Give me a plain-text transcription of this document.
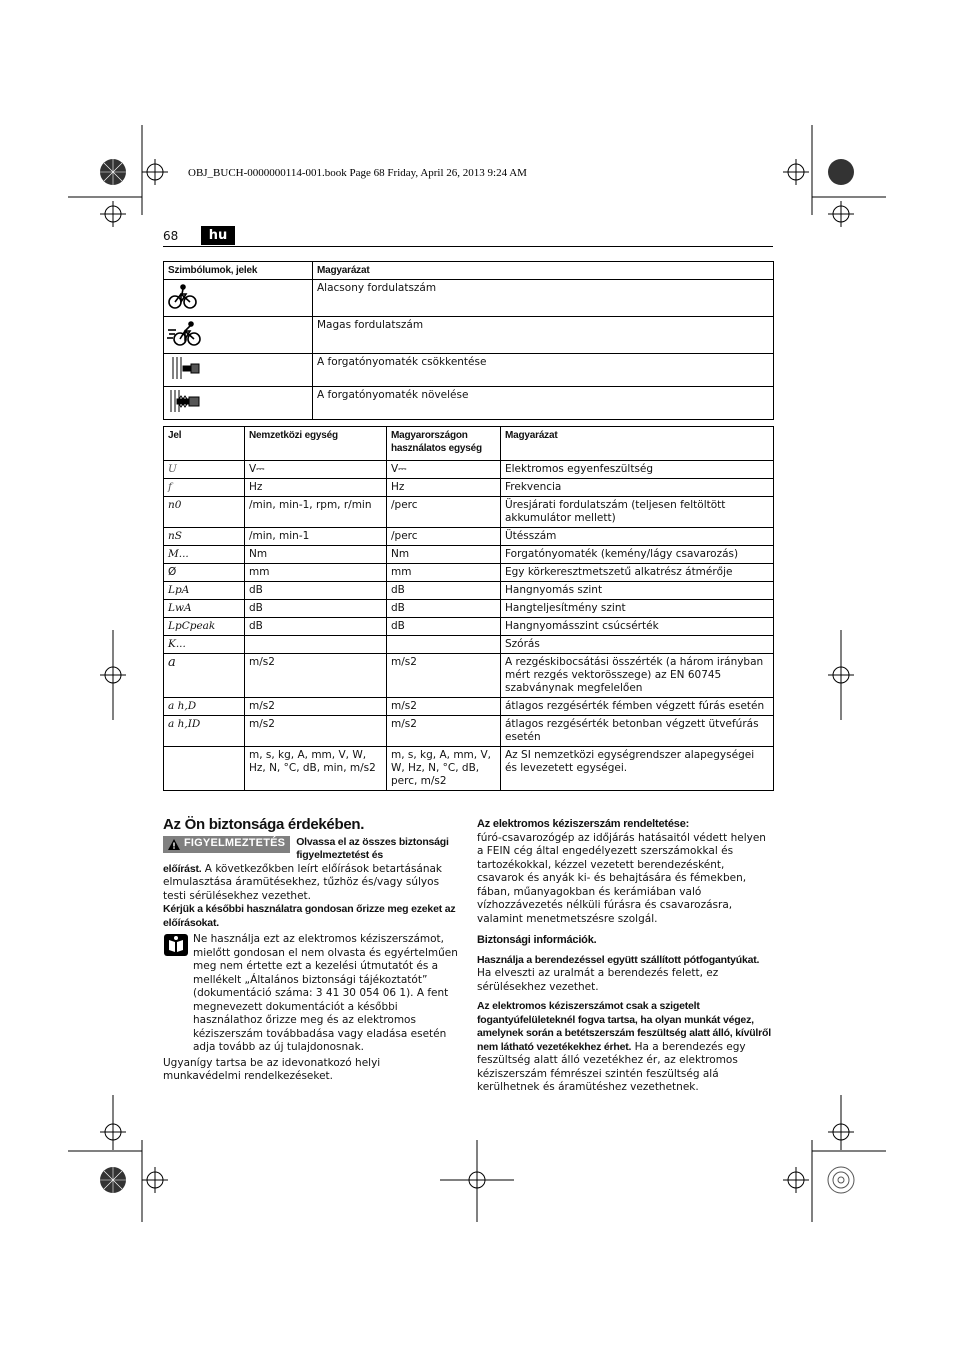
OBJ_BUCH-0000000114-001.book Page 68 Friday, April 26, 2013 9:24 AM
68	hu
Szimbólumok, jelek	Magyarázat
	Alacsony fordulatszám
	Magas fordulatszám
	A forgatónyomaték csökkentése
	A forgatónyomaték növelése
Jel	Nemzetközi egység	Magyarországon használatos egység	Magyarázat
U	V⎓	V⎓	Elektromos egyenfeszültség
f	Hz	Hz	Frekvencia
n0	/min, min-1, rpm, r/min	/perc	Üresjárati fordulatszám (teljesen feltöltött akkumulátor mellett)
nS	/min, min-1	/perc	Ütésszám
M...	Nm	Nm	Forgatónyomaték (kemény/lágy csavarozás)
Ø	mm	mm	Egy körkeresztmetszetű alkatrész átmérője
LpA	dB	dB	Hangnyomás szint
LwA	dB	dB	Hangteljesítmény szint
LpCpeak	dB	dB	Hangnyomásszint csúcsérték
K...			Szórás
a	m/s2	m/s2	A rezgéskibocsátási összérték (a három irányban mért rezgés vektorösszege) az EN 60745 szabványnak megfelelően
a h,D	m/s2	m/s2	átlagos rezgésérték fémben végzett fúrás esetén
a h,ID	m/s2	m/s2	átlagos rezgésérték betonban végzett ütvefúrás esetén
	m, s, kg, A, mm, V, W, Hz, N, °C, dB, min, m/s2	m, s, kg, A, mm, V, W, Hz, N, °C, dB, perc, m/s2	Az SI nemzetközi egységrendszer alapegységei és levezetett egységei.
Az Ön biztonsága érdekében.
FIGYELMEZTETÉS Olvassa el az összes biztonsági figyelmeztetést és

előírást. A következőkben leírt előírások betartásának elmulasztása áramütésekhez, tűzhöz és/vagy súlyos testi sérülésekhez vezethet.

Kérjük a későbbi használatra gondosan őrizze meg ezeket az előírásokat.

Ne használja ezt az elektromos kéziszerszámot, mielőtt gondosan el nem olvasta és egyértelműen meg nem értette ezt a kezelési útmutatót és a mellékelt „Általános biztonsági tájékoztatót” (dokumentáció száma: 3 41 30 054 06 1). A fent megnevezett dokumentációt a későbbi használathoz őrizze meg és az elektromos kéziszerszám továbbadása vagy eladása esetén adja tovább az új tulajdonosnak.

Ugyanígy tartsa be az idevonatkozó helyi munkavédelmi rendelkezéseket.

Az elektromos kéziszerszám rendeltetése:

fúró-csavarozógép az időjárás hatásaitól védett helyen a FEIN cég által engedélyezett szerszámokkal és tartozékokkal, kézzel vezetett berendezésként, csavarok és anyák ki- és behajtására és fémekben, fában, műanyagokban és kerámiában való vízhozzávezetés nélküli fúrásra és csavarozásra, valamint menetmetszésre szolgál.

Biztonsági információk.

Használja a berendezéssel együtt szállított pótfogantyúkat. Ha elveszti az uralmát a berendezés felett, ez sérülésekhez vezethet.

Az elektromos kéziszerszámot csak a szigetelt fogantyúfelületeknél fogva tartsa, ha olyan munkát végez, amelynek során a betétszerszám feszültség alatt álló, kívülről nem látható vezetékekhez érhet. Ha a berendezés egy feszültség alatt álló vezetékhez ér, az elektromos kéziszerszám fémrészei szintén feszültség alá kerülhetnek és áramütéshez vezethetnek.
